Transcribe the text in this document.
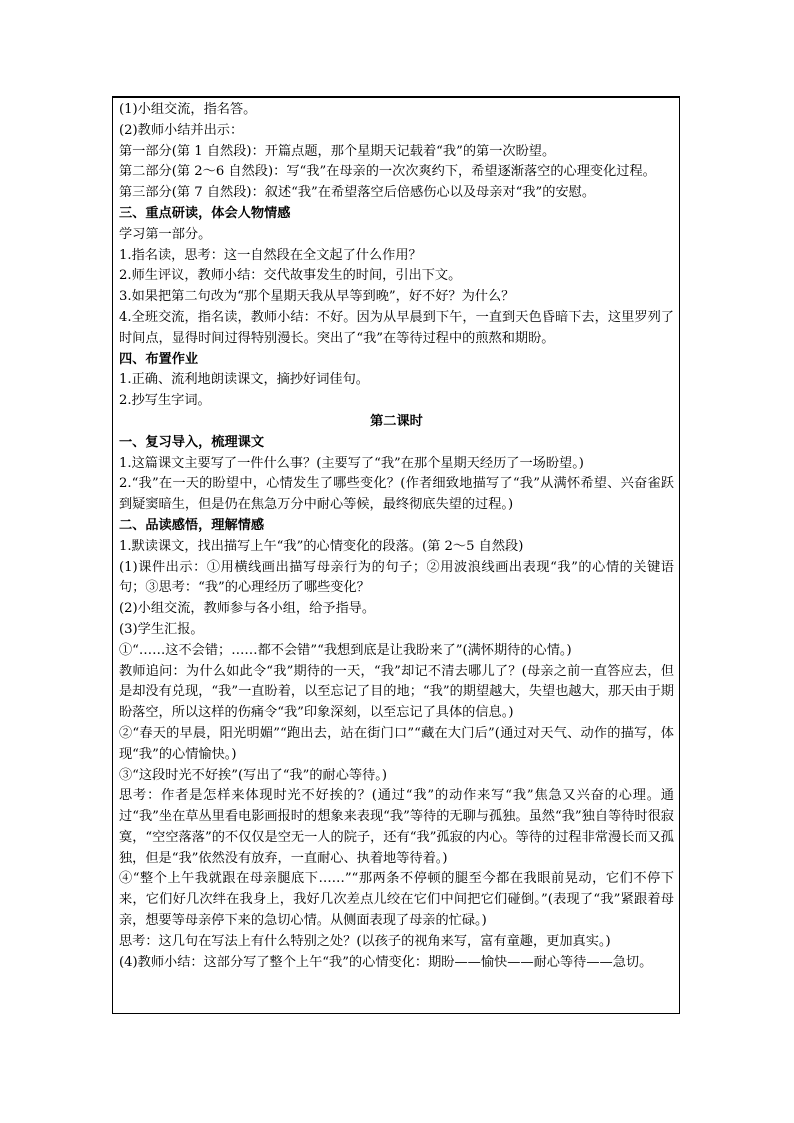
(1)小组交流，指名答。

(2)教师小结并出示：

第一部分(第 1 自然段)：开篇点题，那个星期天记载着“我”的第一次盼望。

第二部分(第 2～6 自然段)：写“我”在母亲的一次次爽约下，希望逐渐落空的心理变化过程。

第三部分(第 7 自然段)：叙述“我”在希望落空后倍感伤心以及母亲对“我”的安慰。

三、重点研读，体会人物情感

学习第一部分。

1.指名读，思考：这一自然段在全文起了什么作用？

2.师生评议，教师小结：交代故事发生的时间，引出下文。

3.如果把第二句改为“那个星期天我从早等到晚”，好不好？为什么？

4.全班交流，指名读，教师小结：不好。因为从早晨到下午，一直到天色昏暗下去，这里罗列了时间点，显得时间过得特别漫长。突出了“我”在等待过程中的煎熬和期盼。

四、布置作业

1.正确、流利地朗读课文，摘抄好词佳句。

2.抄写生字词。

第二课时

一、复习导入，梳理课文

1.这篇课文主要写了一件什么事？(主要写了“我”在那个星期天经历了一场盼望。)

2.“我”在一天的盼望中，心情发生了哪些变化？(作者细致地描写了“我”从满怀希望、兴奋雀跃到疑窦暗生，但是仍在焦急万分中耐心等候，最终彻底失望的过程。)

二、品读感悟，理解情感

1.默读课文，找出描写上午“我”的心情变化的段落。(第 2～5 自然段)

(1)课件出示：①用横线画出描写母亲行为的句子；②用波浪线画出表现“我”的心情的关键语句；③思考：“我”的心理经历了哪些变化？

(2)小组交流，教师参与各小组，给予指导。

(3)学生汇报。

①“……这不会错；……都不会错”“我想到底是让我盼来了”(满怀期待的心情。)

教师追问：为什么如此令“我”期待的一天，“我”却记不清去哪儿了？(母亲之前一直答应去，但是却没有兑现，“我”一直盼着，以至忘记了目的地；“我”的期望越大，失望也越大，那天由于期盼落空，所以这样的伤痛令“我”印象深刻，以至忘记了具体的信息。)

②“春天的早晨，阳光明媚”“跑出去，站在街门口”“藏在大门后”(通过对天气、动作的描写，体现“我”的心情愉快。)

③“这段时光不好挨”(写出了“我”的耐心等待。)

思考：作者是怎样来体现时光不好挨的？(通过“我”的动作来写“我”焦急又兴奋的心理。通过“我”坐在草丛里看电影画报时的想象来表现“我”等待的无聊与孤独。虽然“我”独自等待时很寂寞，“空空落落”的不仅仅是空无一人的院子，还有“我”孤寂的内心。等待的过程非常漫长而又孤独，但是“我”依然没有放弃，一直耐心、执着地等待着。)

④“整个上午我就跟在母亲腿底下……”“那两条不停顿的腿至今都在我眼前晃动，它们不停下来，它们好几次绊在我身上，我好几次差点儿绞在它们中间把它们碰倒。”(表现了“我”紧跟着母亲，想要等母亲停下来的急切心情。从侧面表现了母亲的忙碌。)

思考：这几句在写法上有什么特别之处？(以孩子的视角来写，富有童趣，更加真实。)

(4)教师小结：这部分写了整个上午“我”的心情变化：期盼——愉快——耐心等待——急切。
